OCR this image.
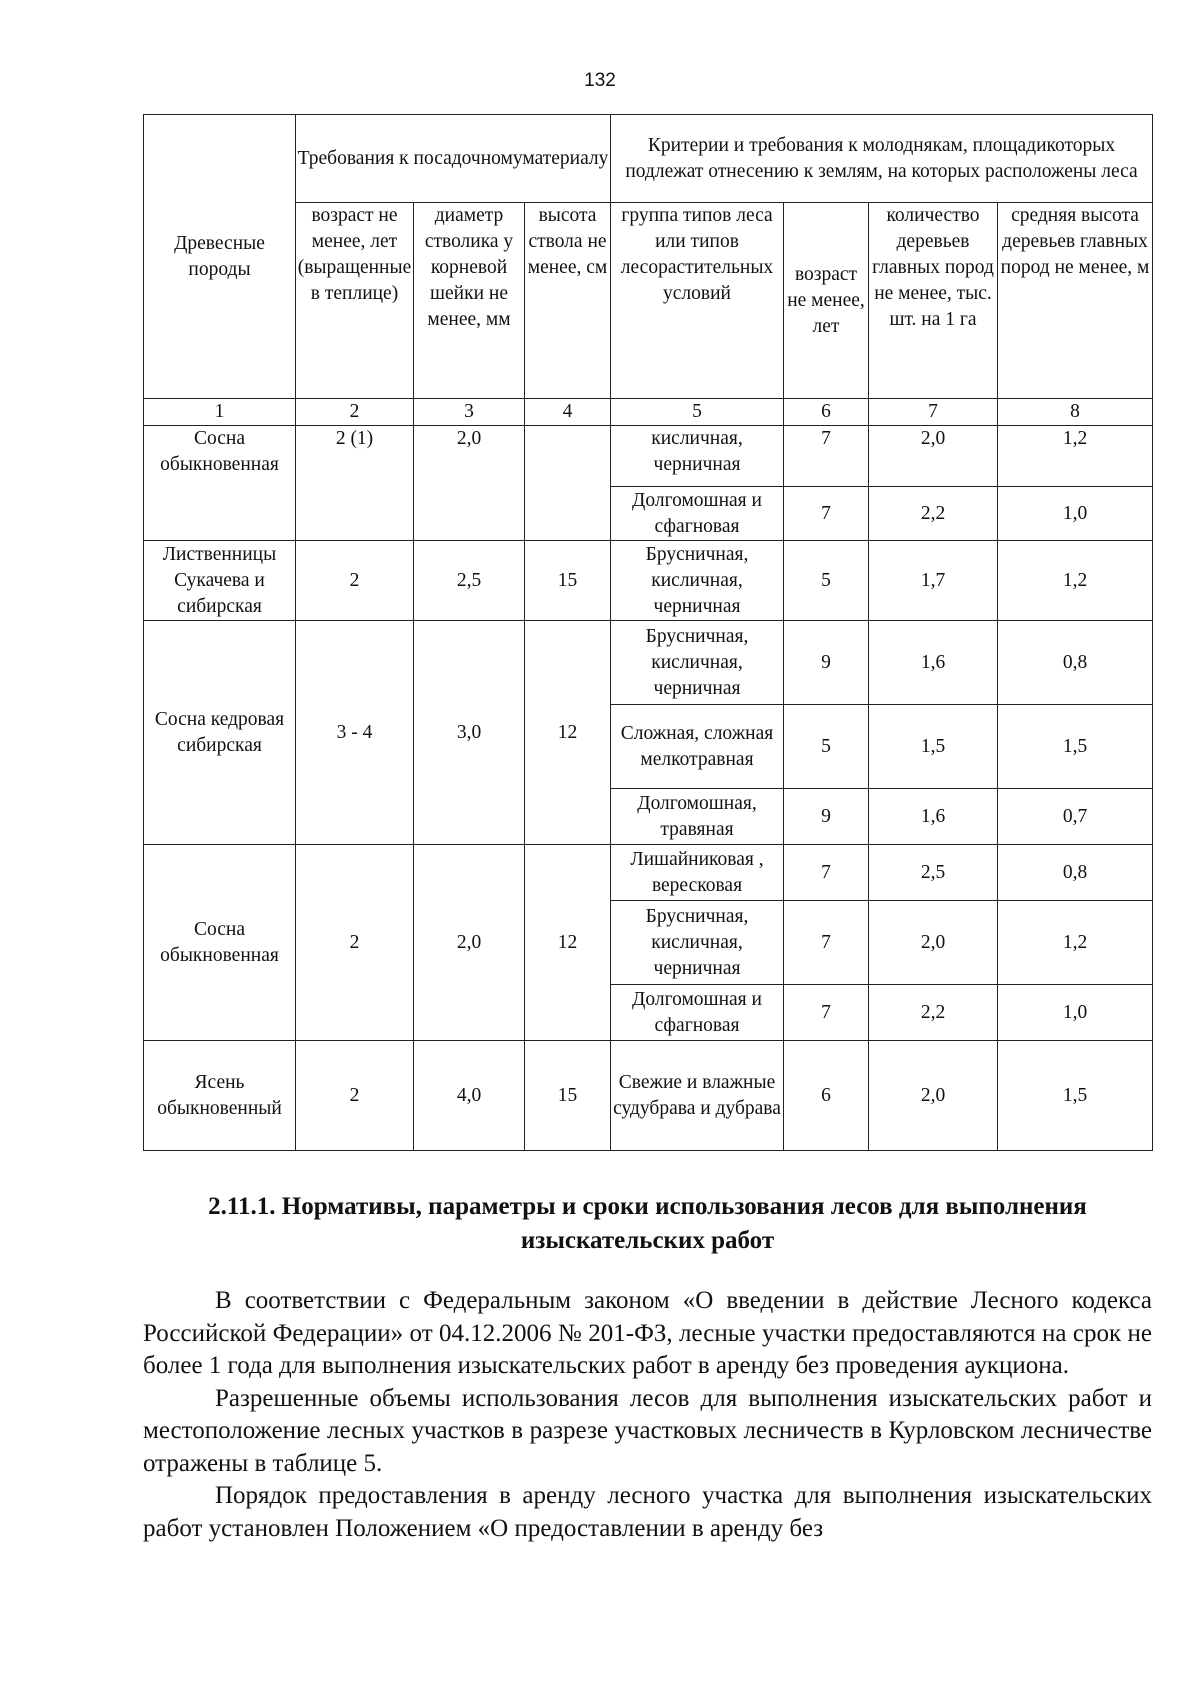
132
Древесные породы	Требования к посадочномуматериалу			Критерии и требования к молоднякам, площадикоторых подлежат отнесению к землям, на которых расположены леса			
	возраст не менее, лет (выращенные в теплице)	диаметр стволика у корневой шейки не менее, мм	высота ствола не менее, см	группа типов леса или типов лесорастительных условий	возраст не менее, лет	количество деревьев главных пород не менее, тыс. шт. на 1 га	средняя высота деревьев главных пород не менее, м
1	2	3	4	5	6	7	8
Сосна обыкновенная	2 (1)	2,0		кисличная, черничная	7	2,0	1,2
				Долгомошная и сфагновая	7	2,2	1,0
Лиственницы Сукачева и сибирская	2	2,5	15	Брусничная, кисличная, черничная	5	1,7	1,2
Сосна кедровая сибирская	3 - 4	3,0	12	Брусничная, кисличная, черничная	9	1,6	0,8
				Сложная, сложная мелкотравная	5	1,5	1,5
				Долгомошная, травяная	9	1,6	0,7
Сосна обыкновенная	2	2,0	12	Лишайниковая , вересковая	7	2,5	0,8
				Брусничная, кисличная, черничная	7	2,0	1,2
				Долгомошная и сфагновая	7	2,2	1,0
Ясень обыкновенный	2	4,0	15	Свежие и влажные судубрава и дубрава	6	2,0	1,5
2.11.1. Нормативы, параметры и сроки использования лесов для выполнения изыскательских работ

В соответствии с Федеральным законом «О введении в действие Лесного кодекса Российской Федерации» от 04.12.2006 № 201-ФЗ, лесные участки предоставляются на срок не более 1 года для выполнения изыскательских работ в аренду без проведения аукциона.

Разрешенные объемы использования лесов для выполнения изыскательских работ и местоположение лесных участков в разрезе участковых лесничеств в Курловском лесничестве отражены в таблице 5.

Порядок предоставления в аренду лесного участка для выполнения изыскательских работ установлен Положением «О предоставлении в аренду без
